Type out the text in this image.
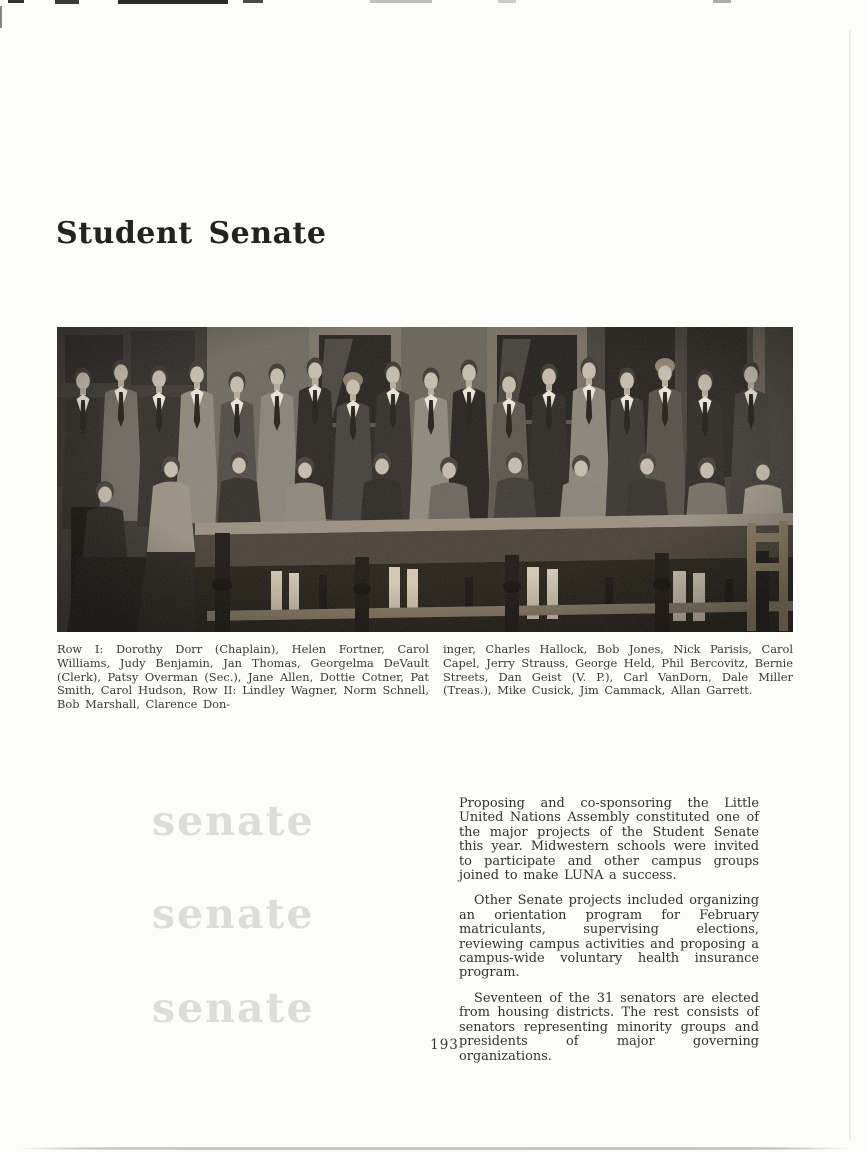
Student Senate

Row I: Dorothy Dorr (Chaplain), Helen Fortner, Carol Williams, Judy Benjamin, Jan Thomas, Georgelma DeVault (Clerk), Patsy Overman (Sec.), Jane Allen, Dottie Cotner, Pat Smith, Carol Hudson, Row II: Lindley Wagner, Norm Schnell, Bob Marshall, Clarence Don-

inger, Charles Hallock, Bob Jones, Nick Parisis, Carol Capel, Jerry Strauss, George Held, Phil Bercovitz, Bernie Streets, Dan Geist (V. P.), Carl VanDorn, Dale Miller (Treas.), Mike Cusick, Jim Cammack, Allan Garrett.

senate
senate
senate

Proposing and co-sponsoring the Little United Nations Assembly constituted one of the major projects of the Student Senate this year. Midwestern schools were invited to participate and other campus groups joined to make LUNA a success.

Other Senate projects included organizing an orientation program for February matriculants, supervising elections, reviewing campus activities and proposing a campus-wide voluntary health insurance program.

Seventeen of the 31 senators are elected from housing districts. The rest consists of senators representing minority groups and presidents of major governing organizations.

193
